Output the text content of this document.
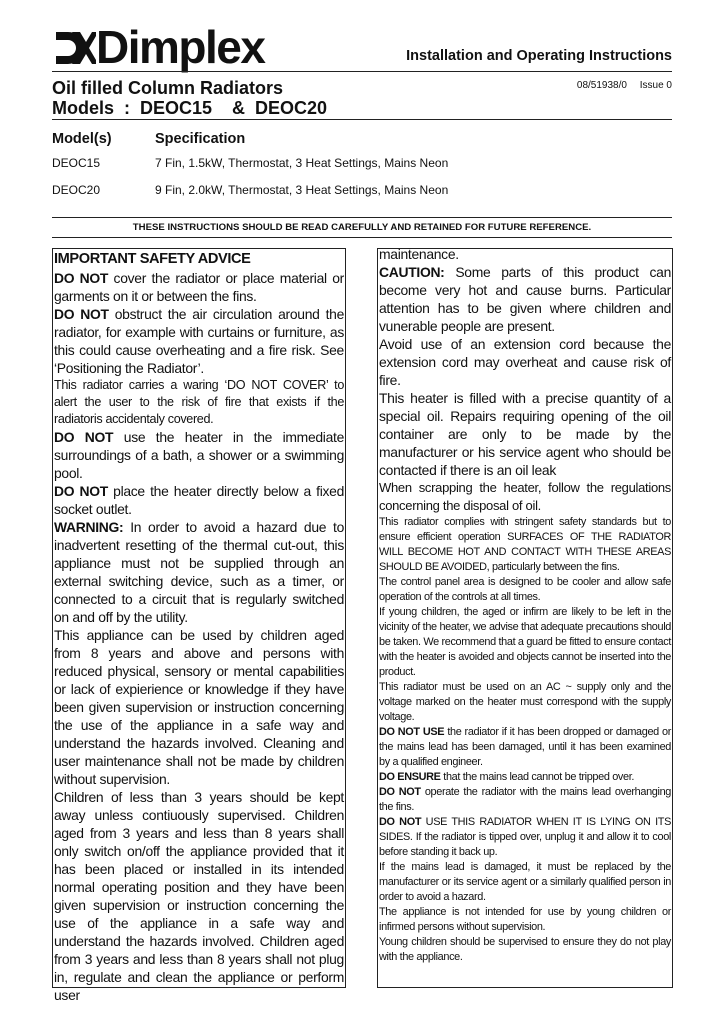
Dimplex	Installation and Operating Instructions
Oil filled Column Radiators
Models  :  DEOC15    &  DEOC20
08/51938/0 Issue 0
Model(s)	Specification
DEOC15	7 Fin, 1.5kW, Thermostat, 3 Heat Settings, Mains Neon
DEOC20	9 Fin, 2.0kW, Thermostat, 3 Heat Settings, Mains Neon
THESE INSTRUCTIONS SHOULD BE READ CAREFULLY AND RETAINED FOR FUTURE REFERENCE.

IMPORTANT SAFETY ADVICE

DO NOT cover the radiator or place material or garments on it or between the fins.

DO NOT obstruct the air circulation around the radiator, for example with curtains or furniture, as this could cause overheating and a fire risk. See ‘Positioning the Radiator’.

This radiator carries a waring ‘DO NOT COVER’ to alert the user to the risk of fire that exists if the radiatoris accidentaly covered.

DO NOT use the heater in the immediate surroundings of a bath, a shower or a swimming pool.

DO NOT place the heater directly below a fixed socket outlet.

WARNING: In order to avoid a hazard due to inadvertent resetting of the thermal cut-out, this appliance must not be supplied through an external switching device, such as a timer, or connected to a circuit that is regularly switched on and off by the utility.

This appliance can be used by children aged from 8 years and above and persons with reduced physical, sensory or mental capabilities or lack of expierience or knowledge if they have been given supervision or instruction concerning the use of the appliance in a safe way and understand the hazards involved. Cleaning and user maintenance shall not be made by children without supervision.

Children of less than 3 years should be kept away unless contiuously supervised. Children aged from 3 years and less than 8 years shall only switch on/off the appliance provided that it has been placed or installed in its intended normal operating position and they have been given supervision or instruction concerning the use of the appliance in a safe way and understand the hazards involved. Children aged from 3 years and less than 8 years shall not plug in, regulate and clean the appliance or perform user

maintenance.

CAUTION: Some parts of this product can become very hot and cause burns. Particular attention has to be given where children and vunerable people are present.

Avoid use of an extension cord because the extension cord may overheat and cause risk of fire.

This heater is filled with a precise quantity of a special oil. Repairs requiring opening of the oil container are only to be made by the manufacturer or his service agent who should be contacted if there is an oil leak

When scrapping the heater, follow the regulations concerning the disposal of oil.

This radiator complies with stringent safety standards but to ensure efficient operation SURFACES OF THE RADIATOR WILL BECOME HOT AND CONTACT WITH THESE AREAS SHOULD BE AVOIDED, particularly between the fins.

The control panel area is designed to be cooler and allow safe operation of the controls at all times.

If young children, the aged or infirm are likely to be left in the vicinity of the heater, we advise that adequate precautions should be taken. We recommend that a guard be fitted to ensure contact with the heater is avoided and objects cannot be inserted into the product.

This radiator must be used on an AC ~ supply only and the voltage marked on the heater must correspond with the supply voltage.

DO NOT USE the radiator if it has been dropped or damaged or the mains lead has been damaged, until it has been examined by a qualified engineer.

DO ENSURE that the mains lead cannot be tripped over.

DO NOT operate the radiator with the mains lead overhanging the fins.

DO NOT USE THIS RADIATOR WHEN IT IS LYING ON ITS SIDES. If the radiator is tipped over, unplug it and allow it to cool before standing it back up.

If the mains lead is damaged, it must be replaced by the manufacturer or its service agent or a similarly qualified person in order to avoid a hazard.

The appliance is not intended for use by young children or infirmed persons without supervision.

Young children should be supervised to ensure they do not play with the appliance.
